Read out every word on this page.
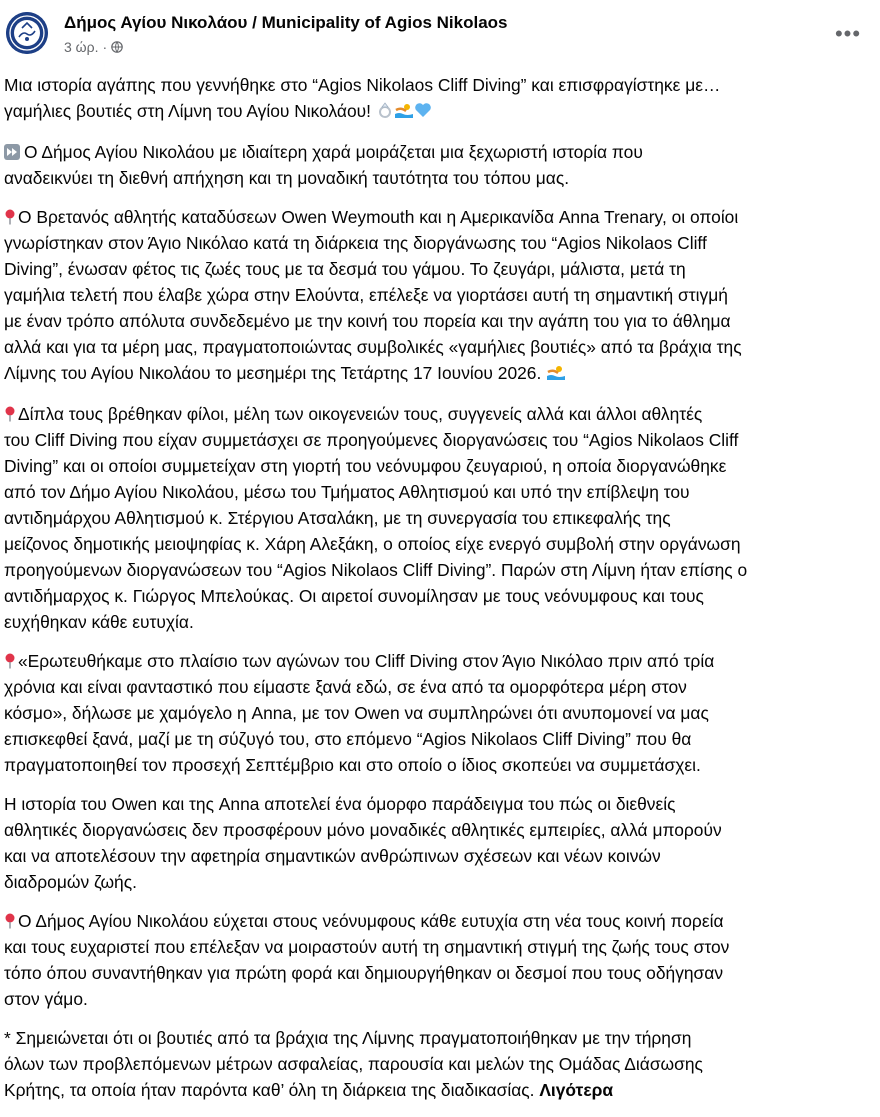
Δήμος Αγίου Νικολάου / Municipality of Agios Nikolaos
3 ώρ. ·
•••
Μια ιστορία αγάπης που γεννήθηκε στο “Agios Nikolaos Cliff Diving” και επισφραγίστηκε με…
γαμήλιες βουτιές στη Λίμνη του Αγίου Νικολάου!
Ο Δήμος Αγίου Νικολάου με ιδιαίτερη χαρά μοιράζεται μια ξεχωριστή ιστορία που
αναδεικνύει τη διεθνή απήχηση και τη μοναδική ταυτότητα του τόπου μας.
Ο Βρετανός αθλητής καταδύσεων Owen Weymouth και η Αμερικανίδα Anna Trenary, οι οποίοι
γνωρίστηκαν στον Άγιο Νικόλαο κατά τη διάρκεια της διοργάνωσης του “Agios Nikolaos Cliff
Diving”, ένωσαν φέτος τις ζωές τους με τα δεσμά του γάμου. Το ζευγάρι, μάλιστα, μετά τη
γαμήλια τελετή που έλαβε χώρα στην Ελούντα, επέλεξε να γιορτάσει αυτή τη σημαντική στιγμή
με έναν τρόπο απόλυτα συνδεδεμένο με την κοινή του πορεία και την αγάπη του για το άθλημα
αλλά και για τα μέρη μας, πραγματοποιώντας συμβολικές «γαμήλιες βουτιές» από τα βράχια της
Λίμνης του Αγίου Νικολάου το μεσημέρι της Τετάρτης 17 Ιουνίου 2026.
Δίπλα τους βρέθηκαν φίλοι, μέλη των οικογενειών τους, συγγενείς αλλά και άλλοι αθλητές
του Cliff Diving που είχαν συμμετάσχει σε προηγούμενες διοργανώσεις του “Agios Nikolaos Cliff
Diving” και οι οποίοι συμμετείχαν στη γιορτή του νεόνυμφου ζευγαριού, η οποία διοργανώθηκε
από τον Δήμο Αγίου Νικολάου, μέσω του Τμήματος Αθλητισμού και υπό την επίβλεψη του
αντιδημάρχου Αθλητισμού κ. Στέργιου Ατσαλάκη, με τη συνεργασία του επικεφαλής της
μείζονος δημοτικής μειοψηφίας κ. Χάρη Αλεξάκη, ο οποίος είχε ενεργό συμβολή στην οργάνωση
προηγούμενων διοργανώσεων του “Agios Nikolaos Cliff Diving”. Παρών στη Λίμνη ήταν επίσης ο
αντιδήμαρχος κ. Γιώργος Μπελούκας. Οι αιρετοί συνομίλησαν με τους νεόνυμφους και τους
ευχήθηκαν κάθε ευτυχία.
«Ερωτευθήκαμε στο πλαίσιο των αγώνων του Cliff Diving στον Άγιο Νικόλαο πριν από τρία
χρόνια και είναι φανταστικό που είμαστε ξανά εδώ, σε ένα από τα ομορφότερα μέρη στον
κόσμο», δήλωσε με χαμόγελο η Anna, με τον Owen να συμπληρώνει ότι ανυπομονεί να μας
επισκεφθεί ξανά, μαζί με τη σύζυγό του, στο επόμενο “Agios Nikolaos Cliff Diving” που θα
πραγματοποιηθεί τον προσεχή Σεπτέμβριο και στο οποίο ο ίδιος σκοπεύει να συμμετάσχει.
Η ιστορία του Owen και της Anna αποτελεί ένα όμορφο παράδειγμα του πώς οι διεθνείς
αθλητικές διοργανώσεις δεν προσφέρουν μόνο μοναδικές αθλητικές εμπειρίες, αλλά μπορούν
και να αποτελέσουν την αφετηρία σημαντικών ανθρώπινων σχέσεων και νέων κοινών
διαδρομών ζωής.
Ο Δήμος Αγίου Νικολάου εύχεται στους νεόνυμφους κάθε ευτυχία στη νέα τους κοινή πορεία
και τους ευχαριστεί που επέλεξαν να μοιραστούν αυτή τη σημαντική στιγμή της ζωής τους στον
τόπο όπου συναντήθηκαν για πρώτη φορά και δημιουργήθηκαν οι δεσμοί που τους οδήγησαν
στον γάμο.
* Σημειώνεται ότι οι βουτιές από τα βράχια της Λίμνης πραγματοποιήθηκαν με την τήρηση
όλων των προβλεπόμενων μέτρων ασφαλείας, παρουσία και μελών της Ομάδας Διάσωσης
Κρήτης, τα οποία ήταν παρόντα καθ’ όλη τη διάρκεια της διαδικασίας. Λιγότερα
